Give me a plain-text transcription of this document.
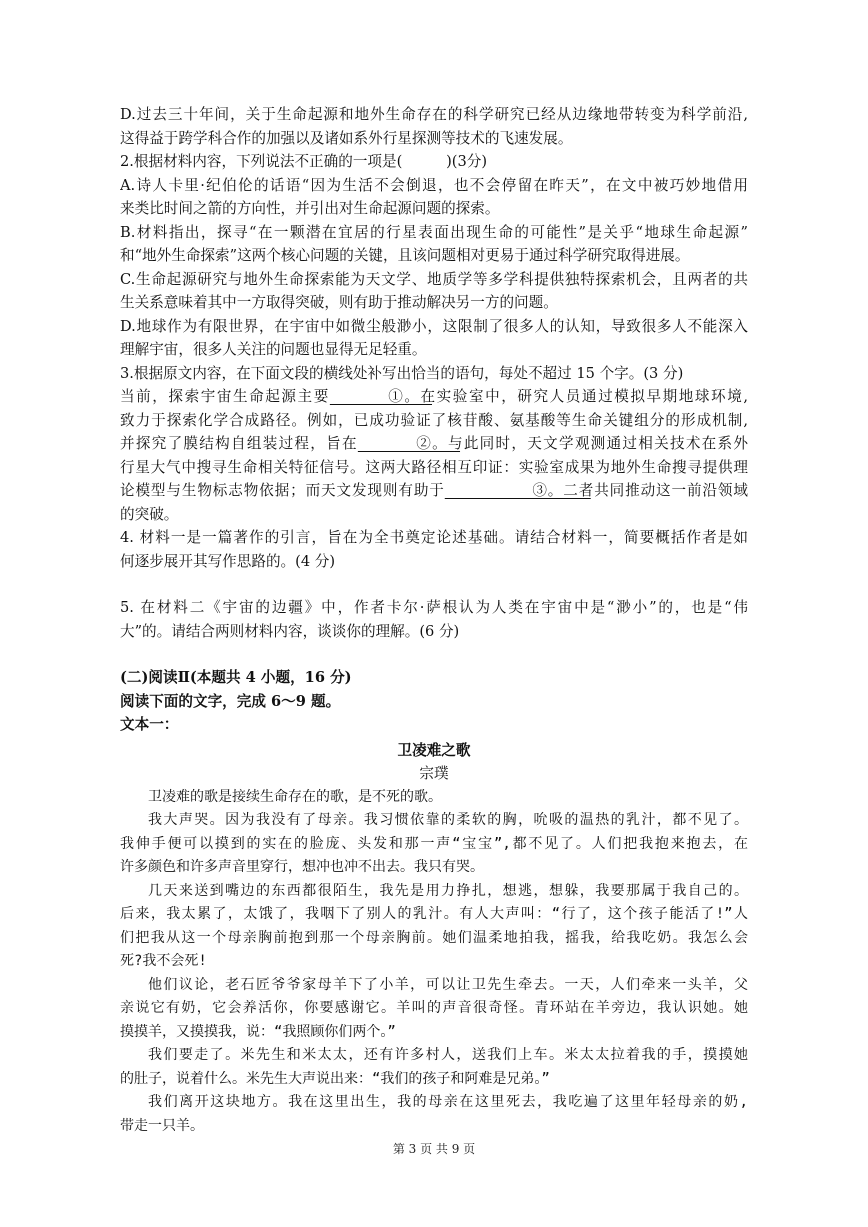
D.过去三十年间，关于生命起源和地外生命存在的科学研究已经从边缘地带转变为科学前沿,

这得益于跨学科合作的加强以及诸如系外行星探测等技术的飞速发展。

2.根据材料内容，下列说法不正确的一项是(　　　)(3分)

A.诗人卡里·纪伯伦的话语“因为生活不会倒退，也不会停留在昨天”，在文中被巧妙地借用

来类比时间之箭的方向性，并引出对生命起源问题的探索。

B.材料指出，探寻“在一颗潜在宜居的行星表面出现生命的可能性”是关乎“地球生命起源”

和“地外生命探索”这两个核心问题的关键，且该问题相对更易于通过科学研究取得进展。

C.生命起源研究与地外生命探索能为天文学、地质学等多学科提供独特探索机会，且两者的共

生关系意味着其中一方取得突破，则有助于推动解决另一方的问题。

D.地球作为有限世界，在宇宙中如微尘般渺小，这限制了很多人的认知，导致很多人不能深入

理解宇宙，很多人关注的问题也显得无足轻重。

3.根据原文内容，在下面文段的横线处补写出恰当的语句，每处不超过 15 个字。(3 分)

当前，探索宇宙生命起源主要　　①　　。在实验室中，研究人员通过模拟早期地球环境,

致力于探索化学合成路径。例如，已成功验证了核苷酸、氨基酸等生命关键组分的形成机制,

并探究了膜结构自组装过程，旨在　　②　　。与此同时，天文学观测通过相关技术在系外

行星大气中搜寻生命相关特征信号。这两大路径相互印证：实验室成果为地外生命搜寻提供理

论模型与生物标志物依据；而天文发现则有助于　　　③　　　。二者共同推动这一前沿领域

的突破。

4. 材料一是一篇著作的引言，旨在为全书奠定论述基础。请结合材料一，简要概括作者是如

何逐步展开其写作思路的。(4 分)

5. 在材料二《宇宙的边疆》中，作者卡尔·萨根认为人类在宇宙中是“渺小”的，也是“伟

大”的。请结合两则材料内容，谈谈你的理解。(6 分)

(二)阅读Ⅱ(本题共 4 小题，16 分)

阅读下面的文字，完成 6～9 题。

文本一：

卫凌难之歌

宗璞

卫凌难的歌是接续生命存在的歌，是不死的歌。

我大声哭。因为我没有了母亲。我习惯依靠的柔软的胸，吮吸的温热的乳汁，都不见了。

我伸手便可以摸到的实在的脸庞、头发和那一声“宝宝”,都不见了。人们把我抱来抱去，在

许多颜色和许多声音里穿行，想冲也冲不出去。我只有哭。

几天来送到嘴边的东西都很陌生，我先是用力挣扎，想逃，想躲，我要那属于我自己的。

后来，我太累了，太饿了，我咽下了别人的乳汁。有人大声叫：“行了，这个孩子能活了!”人

们把我从这一个母亲胸前抱到那一个母亲胸前。她们温柔地拍我，摇我，给我吃奶。我怎么会

死?我不会死!

他们议论，老石匠爷爷家母羊下了小羊，可以让卫先生牵去。一天，人们牵来一头羊，父

亲说它有奶，它会养活你，你要感谢它。羊叫的声音很奇怪。青环站在羊旁边，我认识她。她

摸摸羊，又摸摸我，说：“我照顾你们两个。”

我们要走了。米先生和米太太，还有许多村人，送我们上车。米太太拉着我的手，摸摸她

的肚子，说着什么。米先生大声说出来：“我们的孩子和阿难是兄弟。”

我们离开这块地方。我在这里出生，我的母亲在这里死去，我吃遍了这里年轻母亲的奶,

带走一只羊。

第 3 页 共 9 页
